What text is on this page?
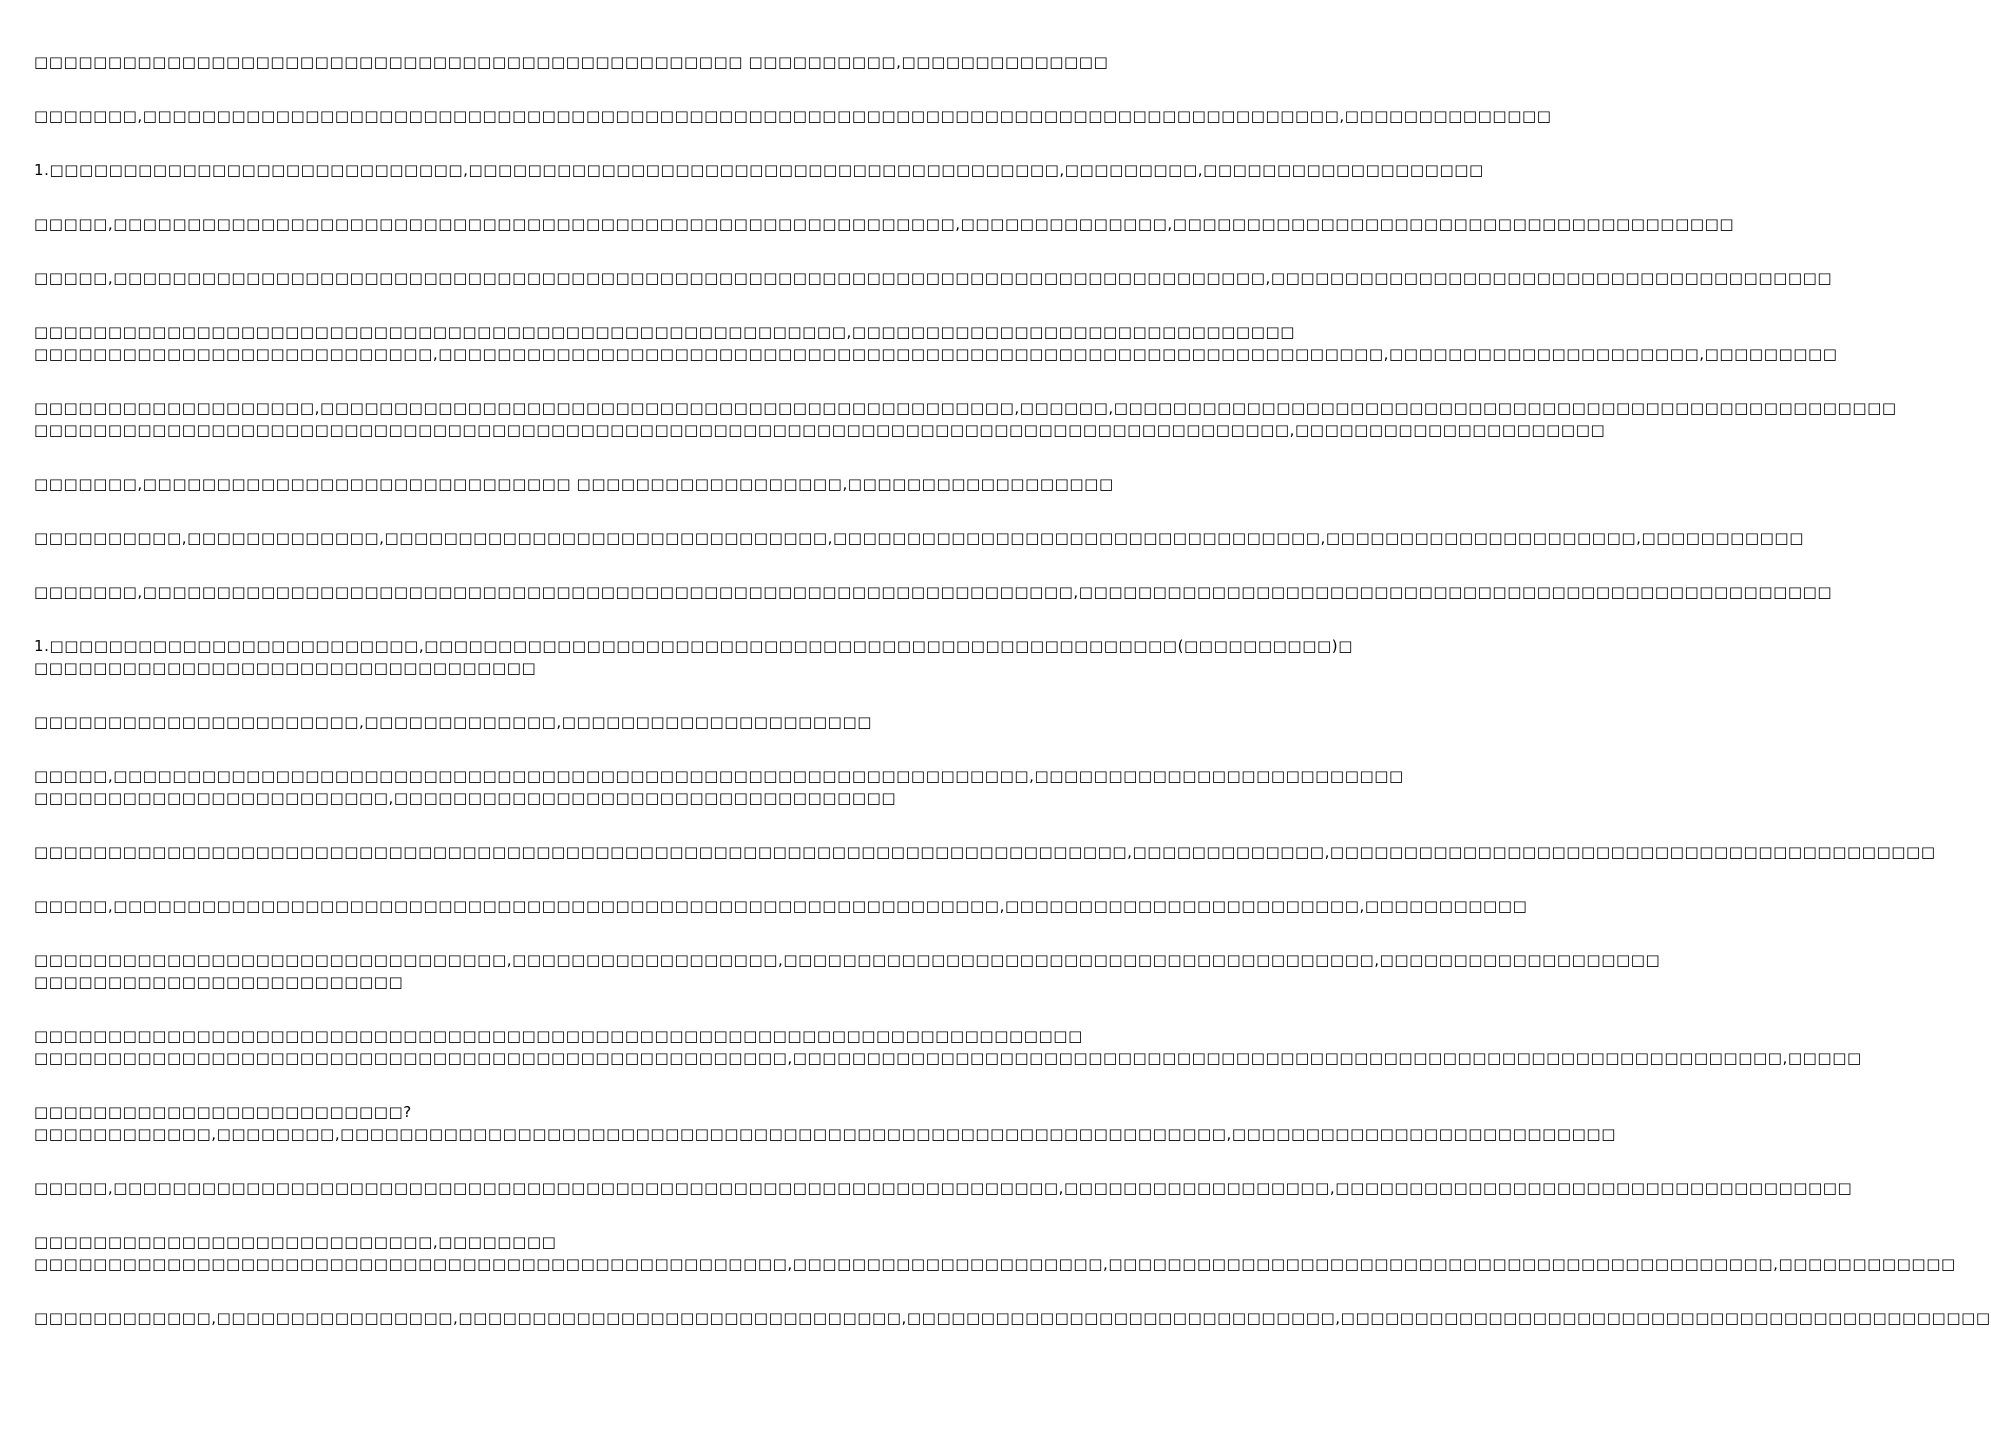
□□□□□□□□□□□□□□□□□□□□□□□□□□□□□□□□□□□□□□□□□□□□□□□□ □□□□□□□□□□,□□□□□□□□□□□□□□
□□□□□□□,□□□□□□□□□□□□□□□□□□□□□□□□□□□□□□□□□□□□□□□□□□□□□□□□□□□□□□□□□□□□□□□□□□□□□□□□□□□□□□□□□,□□□□□□□□□□□□□□
1.□□□□□□□□□□□□□□□□□□□□□□□□□□□□,□□□□□□□□□□□□□□□□□□□□□□□□□□□□□□□□□□□□□□□□,□□□□□□□□□,□□□□□□□□□□□□□□□□□□□
□□□□□,□□□□□□□□□□□□□□□□□□□□□□□□□□□□□□□□□□□□□□□□□□□□□□□□□□□□□□□□□,□□□□□□□□□□□□□□,□□□□□□□□□□□□□□□□□□□□□□□□□□□□□□□□□□□□□□
□□□□□,□□□□□□□□□□□□□□□□□□□□□□□□□□□□□□□□□□□□□□□□□□□□□□□□□□□□□□□□□□□□□□□□□□□□□□□□□□□□□□,□□□□□□□□□□□□□□□□□□□□□□□□□□□□□□□□□□□□□□
□□□□□□□□□□□□□□□□□□□□□□□□□□□□□□□□□□□□□□□□□□□□□□□□□□□□□□□,□□□□□□□□□□□□□□□□□□□□□□□□□□□□□□
□□□□□□□□□□□□□□□□□□□□□□□□□□□,□□□□□□□□□□□□□□□□□□□□□□□□□□□□□□□□□□□□□□□□□□□□□□□□□□□□□□□□□□□□□□□□,□□□□□□□□□□□□□□□□□□□□□,□□□□□□□□□
□□□□□□□□□□□□□□□□□□□,□□□□□□□□□□□□□□□□□□□□□□□□□□□□□□□□□□□□□□□□□□□□□□□,□□□□□□,□□□□□□□□□□□□□□□□□□□□□□□□□□□□□□□□□□□□□□□□□□□□□□□□□□□□□
□□□□□□□□□□□□□□□□□□□□□□□□□□□□□□□□□□□□□□□□□□□□□□□□□□□□□□□□□□□□□□□□□□□□□□□□□□□□□□□□□□□□□,□□□□□□□□□□□□□□□□□□□□□
□□□□□□□,□□□□□□□□□□□□□□□□□□□□□□□□□□□□□ □□□□□□□□□□□□□□□□□□,□□□□□□□□□□□□□□□□□□
□□□□□□□□□□,□□□□□□□□□□□□□,□□□□□□□□□□□□□□□□□□□□□□□□□□□□□□,□□□□□□□□□□□□□□□□□□□□□□□□□□□□□□□□□,□□□□□□□□□□□□□□□□□□□□□,□□□□□□□□□□□
□□□□□□□,□□□□□□□□□□□□□□□□□□□□□□□□□□□□□□□□□□□□□□□□□□□□□□□□□□□□□□□□□□□□□□□,□□□□□□□□□□□□□□□□□□□□□□□□□□□□□□□□□□□□□□□□□□□□□□□□□□□
1.□□□□□□□□□□□□□□□□□□□□□□□□□,□□□□□□□□□□□□□□□□□□□□□□□□□□□□□□□□□□□□□□□□□□□□□□□□□□□(□□□□□□□□□□)□
□□□□□□□□□□□□□□□□□□□□□□□□□□□□□□□□□□
□□□□□□□□□□□□□□□□□□□□□□,□□□□□□□□□□□□□,□□□□□□□□□□□□□□□□□□□□□
□□□□□,□□□□□□□□□□□□□□□□□□□□□□□□□□□□□□□□□□□□□□□□□□□□□□□□□□□□□□□□□□□□□□,□□□□□□□□□□□□□□□□□□□□□□□□□
□□□□□□□□□□□□□□□□□□□□□□□□,□□□□□□□□□□□□□□□□□□□□□□□□□□□□□□□□□□
□□□□□□□□□□□□□□□□□□□□□□□□□□□□□□□□□□□□□□□□□□□□□□□□□□□□□□□□□□□□□□□□□□□□□□□□□□,□□□□□□□□□□□□□,□□□□□□□□□□□□□□□□□□□□□□□□□□□□□□□□□□□□□□□□□
□□□□□,□□□□□□□□□□□□□□□□□□□□□□□□□□□□□□□□□□□□□□□□□□□□□□□□□□□□□□□□□□□□,□□□□□□□□□□□□□□□□□□□□□□□□,□□□□□□□□□□□
□□□□□□□□□□□□□□□□□□□□□□□□□□□□□□□□,□□□□□□□□□□□□□□□□□□,□□□□□□□□□□□□□□□□□□□□□□□□□□□□□□□□□□□□□□□□,□□□□□□□□□□□□□□□□□□□
□□□□□□□□□□□□□□□□□□□□□□□□□
□□□□□□□□□□□□□□□□□□□□□□□□□□□□□□□□□□□□□□□□□□□□□□□□□□□□□□□□□□□□□□□□□□□□□□□
□□□□□□□□□□□□□□□□□□□□□□□□□□□□□□□□□□□□□□□□□□□□□□□□□□□,□□□□□□□□□□□□□□□□□□□□□□□□□□□□□□□□□□□□□□□□□□□□□□□□□□□□□□□□□□□□□□□□□□□,□□□□□
□□□□□□□□□□□□□□□□□□□□□□□□□?
□□□□□□□□□□□□,□□□□□□□□,□□□□□□□□□□□□□□□□□□□□□□□□□□□□□□□□□□□□□□□□□□□□□□□□□□□□□□□□□□□□,□□□□□□□□□□□□□□□□□□□□□□□□□□
□□□□□,□□□□□□□□□□□□□□□□□□□□□□□□□□□□□□□□□□□□□□□□□□□□□□□□□□□□□□□□□□□□□□□□,□□□□□□□□□□□□□□□□□□,□□□□□□□□□□□□□□□□□□□□□□□□□□□□□□□□□□□
□□□□□□□□□□□□□□□□□□□□□□□□□□□,□□□□□□□□
□□□□□□□□□□□□□□□□□□□□□□□□□□□□□□□□□□□□□□□□□□□□□□□□□□□,□□□□□□□□□□□□□□□□□□□□□,□□□□□□□□□□□□□□□□□□□□□□□□□□□□□□□□□□□□□□□□□□□□□,□□□□□□□□□□□□
□□□□□□□□□□□□,□□□□□□□□□□□□□□□□,□□□□□□□□□□□□□□□□□□□□□□□□□□□□□□,□□□□□□□□□□□□□□□□□□□□□□□□□□□□□,□□□□□□□□□□□□□□□□□□□□□□□□□□□□□□□□□□□□□□□□□□□□
